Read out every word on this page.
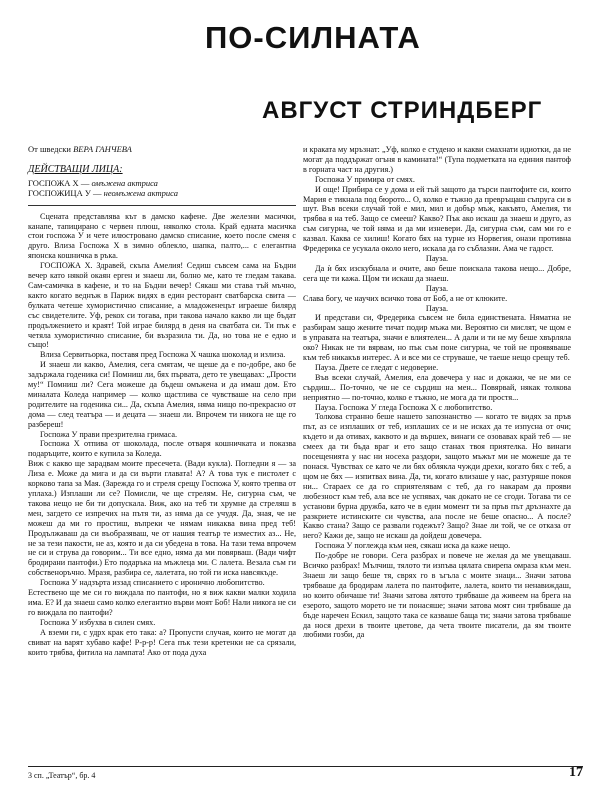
ПО-СИЛНАТА
АВГУСТ СТРИНДБЕРГ

От шведски ВЕРА ГАНЧЕВА

ДЕЙСТВАЩИ ЛИЦА:

ГОСПОЖА Х — омъжена актриса

ГОСПОЖИЦА У — неомъжена актриса

Сцената представлява кът в дамско кафене. Две железни масички, канапе, тапицирано с червен плюш, няколко стола. Край едната масичка стои госпожа У и чете илюстровано дамско списание, което после сменя с друго. Влиза Госпожа Х в зимно облекло, шапка, палто,... с елегантна японска кошничка в ръка.

ГОСПОЖА Х. Здравей, скъпа Амелия! Седиш съвсем сама на Бъдни вечер като някой окаян ерген и знаеш ли, болно ме, като те гледам такава. Сам-самичка в кафене, и то на Бъдни вечер! Сякаш ми става тъй мъчно, както когато веднъж в Париж видях в един ресторант сватбарска свита — булката четеше хумористично списание, а младоженецът играеше билярд със свидетелите. Уф, рекох си тогава, при такова начало какво ли ще бъдат продължението и краят! Той играе билярд в деня на сватбата си. Ти пък е четяла хумористично списание, би възразила ти. Да, но това не е едно и също!

Влиза Сервитьорка, поставя пред Госпожа Х чашка шоколад и излиза.

И знаеш ли какво, Амелия, сега смятам, че щеше да е по-добре, ако бе задържала годеника си! Помниш ли, бях първата, дето те увещавах: „Прости му!“ Помниш ли? Сега можеше да бъдеш омъжена и да имаш дом. Ето миналата Коледа например — колко щастлива се чувстваше на село при родителите на годеника си... Да, скъпа Амелия, няма нищо по-прекрасно от дома — след театъра — и децата — знаеш ли. Впрочем ти никога не ще го разбереш!

Госпожа У прави презрителна гримаса.

Госпожа Х отпива от шоколада, после отваря кошничката и показва подаръците, които е купила за Коледа.

Виж с какво ще зарадвам моите пресечета. (Вади кукла). Погледни я — за Лиза е. Може да мига и да си върти главата! А? А това тук е пистолет с корково тапа за Мая. (Зарежда го и стреля срещу Госпожа У, която трепва от уплаха.) Изплаши ли се? Помисли, че ще стрелям. Не, сигурна съм, че такова нещо не би ти допускала. Виж, ако на теб ти хрумне да стреляш в мен, загдето се изпречих на пътя ти, аз няма да се учудя. Да, зная, че не можеш да ми го простиш, въпреки че нямам никаква вина пред теб! Продължаваш да си въобразяваш, че от нашия театър те изместих аз... Не, не за тези пакости, не аз, която и да си убедена в това. На тази тема впрочем не си и струва да говорим... Ти все едно, няма да ми повярваш. (Вади чифт бродирани пантофи.) Ето подаръка на мъжлеца ми. С лалета. Везала съм ги собственоръчно. Мразя, разбира се, лалетата, но той ги иска навсякъде.

Госпожа У надзърта иззад списанието с иронично любопитство.

Естествено ще ме си го виждала по пантофи, но я виж какви малки ходила има. Е? И да знаеш само колко елегантно върви моят Боб! Нали никога не си го виждала по пантофи?

Госпожа У избухва в силен смях.

А вземи ги, с удрх крак ето така: а? Пропусти случая, които не могат да свиват на варят хубаво кафе! Р-р-р! Сега пък тези кретенки не са срязали, които трябва, фитила на лампата! Ако от пода духа

и краката му мръзнат: „Уф, колко е студено и какви смахнати идиотки, да не могат да поддържат огъня в камината!“ (Тупа подметката на единия пантоф в горната част на другия.)

Госпожа У примира от смях.

И още! Прибира се у дома и ей тъй защото да търси пантофите си, които Мария е тикнала под бюрото... О, колко е тъжно да превръщаш съпруга си в шут. Във всеки случай той е мил, мил и добър мъж, какъвто, Амелия, ти трябва я на теб. Защо се смееш? Какво? Пък ако искаш да знаеш и друго, аз съм сигурна, че той няма и да ми изневери. Да, сигурна съм, сам ми го е казвал. Каква се хилиш! Когато бях на турне из Норвегия, онази противна Фредерика се усукала около него, искала да го съблазни. Ама че гадост.

Пауза.

Да ѝ бях изскубнала и очите, ако беше поискала такова нещо... Добре, сега ще ти кажа. Щом ти искаш да знаеш.

Пауза.

Слава богу, че научих всичко това от Боб, а не от клюките.

Пауза.

И представи си, Фредерика съвсем не била единствената. Няматна не разбирам защо жените тичат подир мъжа ми. Вероятно си мислят, че щом е в управата на театъра, значи е влиятелен... А дали и ти не му беше хвърляла око? Никак не ти вярвам, но пък съм поне сигурна, че той не проявяваше към теб никакъв интерес. А и все ми се струваше, че таеше нещо срещу теб.

Пауза. Двете се гледат с недоверие.

Във всеки случай, Амелия, ела довечера у нас и докажи, че не ми се сърдиш... По-точно, че не се сърдиш на мен... Повярвай, някак толкова неприятно — по-точно, колко е тъжно, не мога да ти простя...

Пауза. Госпожа У гледа Госпожа Х с любопитство.

Толкова странно беше нашето запознанство — когато те видях за пръв път, аз се изплаших от теб, изплаших се и не исках да те изпусна от очи; където и да отивах, каквото и да вършех, винаги се озовавах край теб — не смеех да ти бъда враг и ето защо станах твоя приятелка. Но винаги посещенията у нас ни носеха раздори, защото мъжът ми не можеше да те понася. Чувствах се като че ли бях облякла чужди дрехи, когато бях с теб, а щом не бях — изпитвах вина. Да, ти, когато влизаше у нас, разтуряше покоя ни... Стараех се да го сприятелявам с теб, да го накарам да прояви любезност към теб, ала все не успявах, чак докато не се сгоди. Тогава ти се установи бурна дружба, като че в един момент ти за пръв път дръзнахте да разкриете истинските си чувства, ала после не беше опасно... А после? Какво стана? Защо се развали годежът? Защо? Знае ли той, че се отказа от него? Кажи де, защо не искаш да дойдеш довечера.

Госпожа У поглежда към нея, сякаш иска да каже нещо.

По-добре не говори. Сега разбрах и повече не желая да ме увещаваш. Всичко разбрах! Мълчиш, тялото ти изпъва цялата свирепа омраза към мен. Знаеш ли защо беше тя, сврях го в ъгъла с моите знаци... Значи затова трябваше да бродирам лалета по пантофите, лалета, които ти ненавиждаш, но които обичаше ти! Значи затова лятото трябваше да живеем на брега на езерото, защото морето не ти понасяше; значи затова моят син трябваше да бъде наречен Ескил, защото така се казваше баща ти; значи затова трябваше да нося дрехи в твоите цветове, да чета твоите писатели, да ям твоите любими гозби, да

3 сп. „Театър“, бр. 4	17
